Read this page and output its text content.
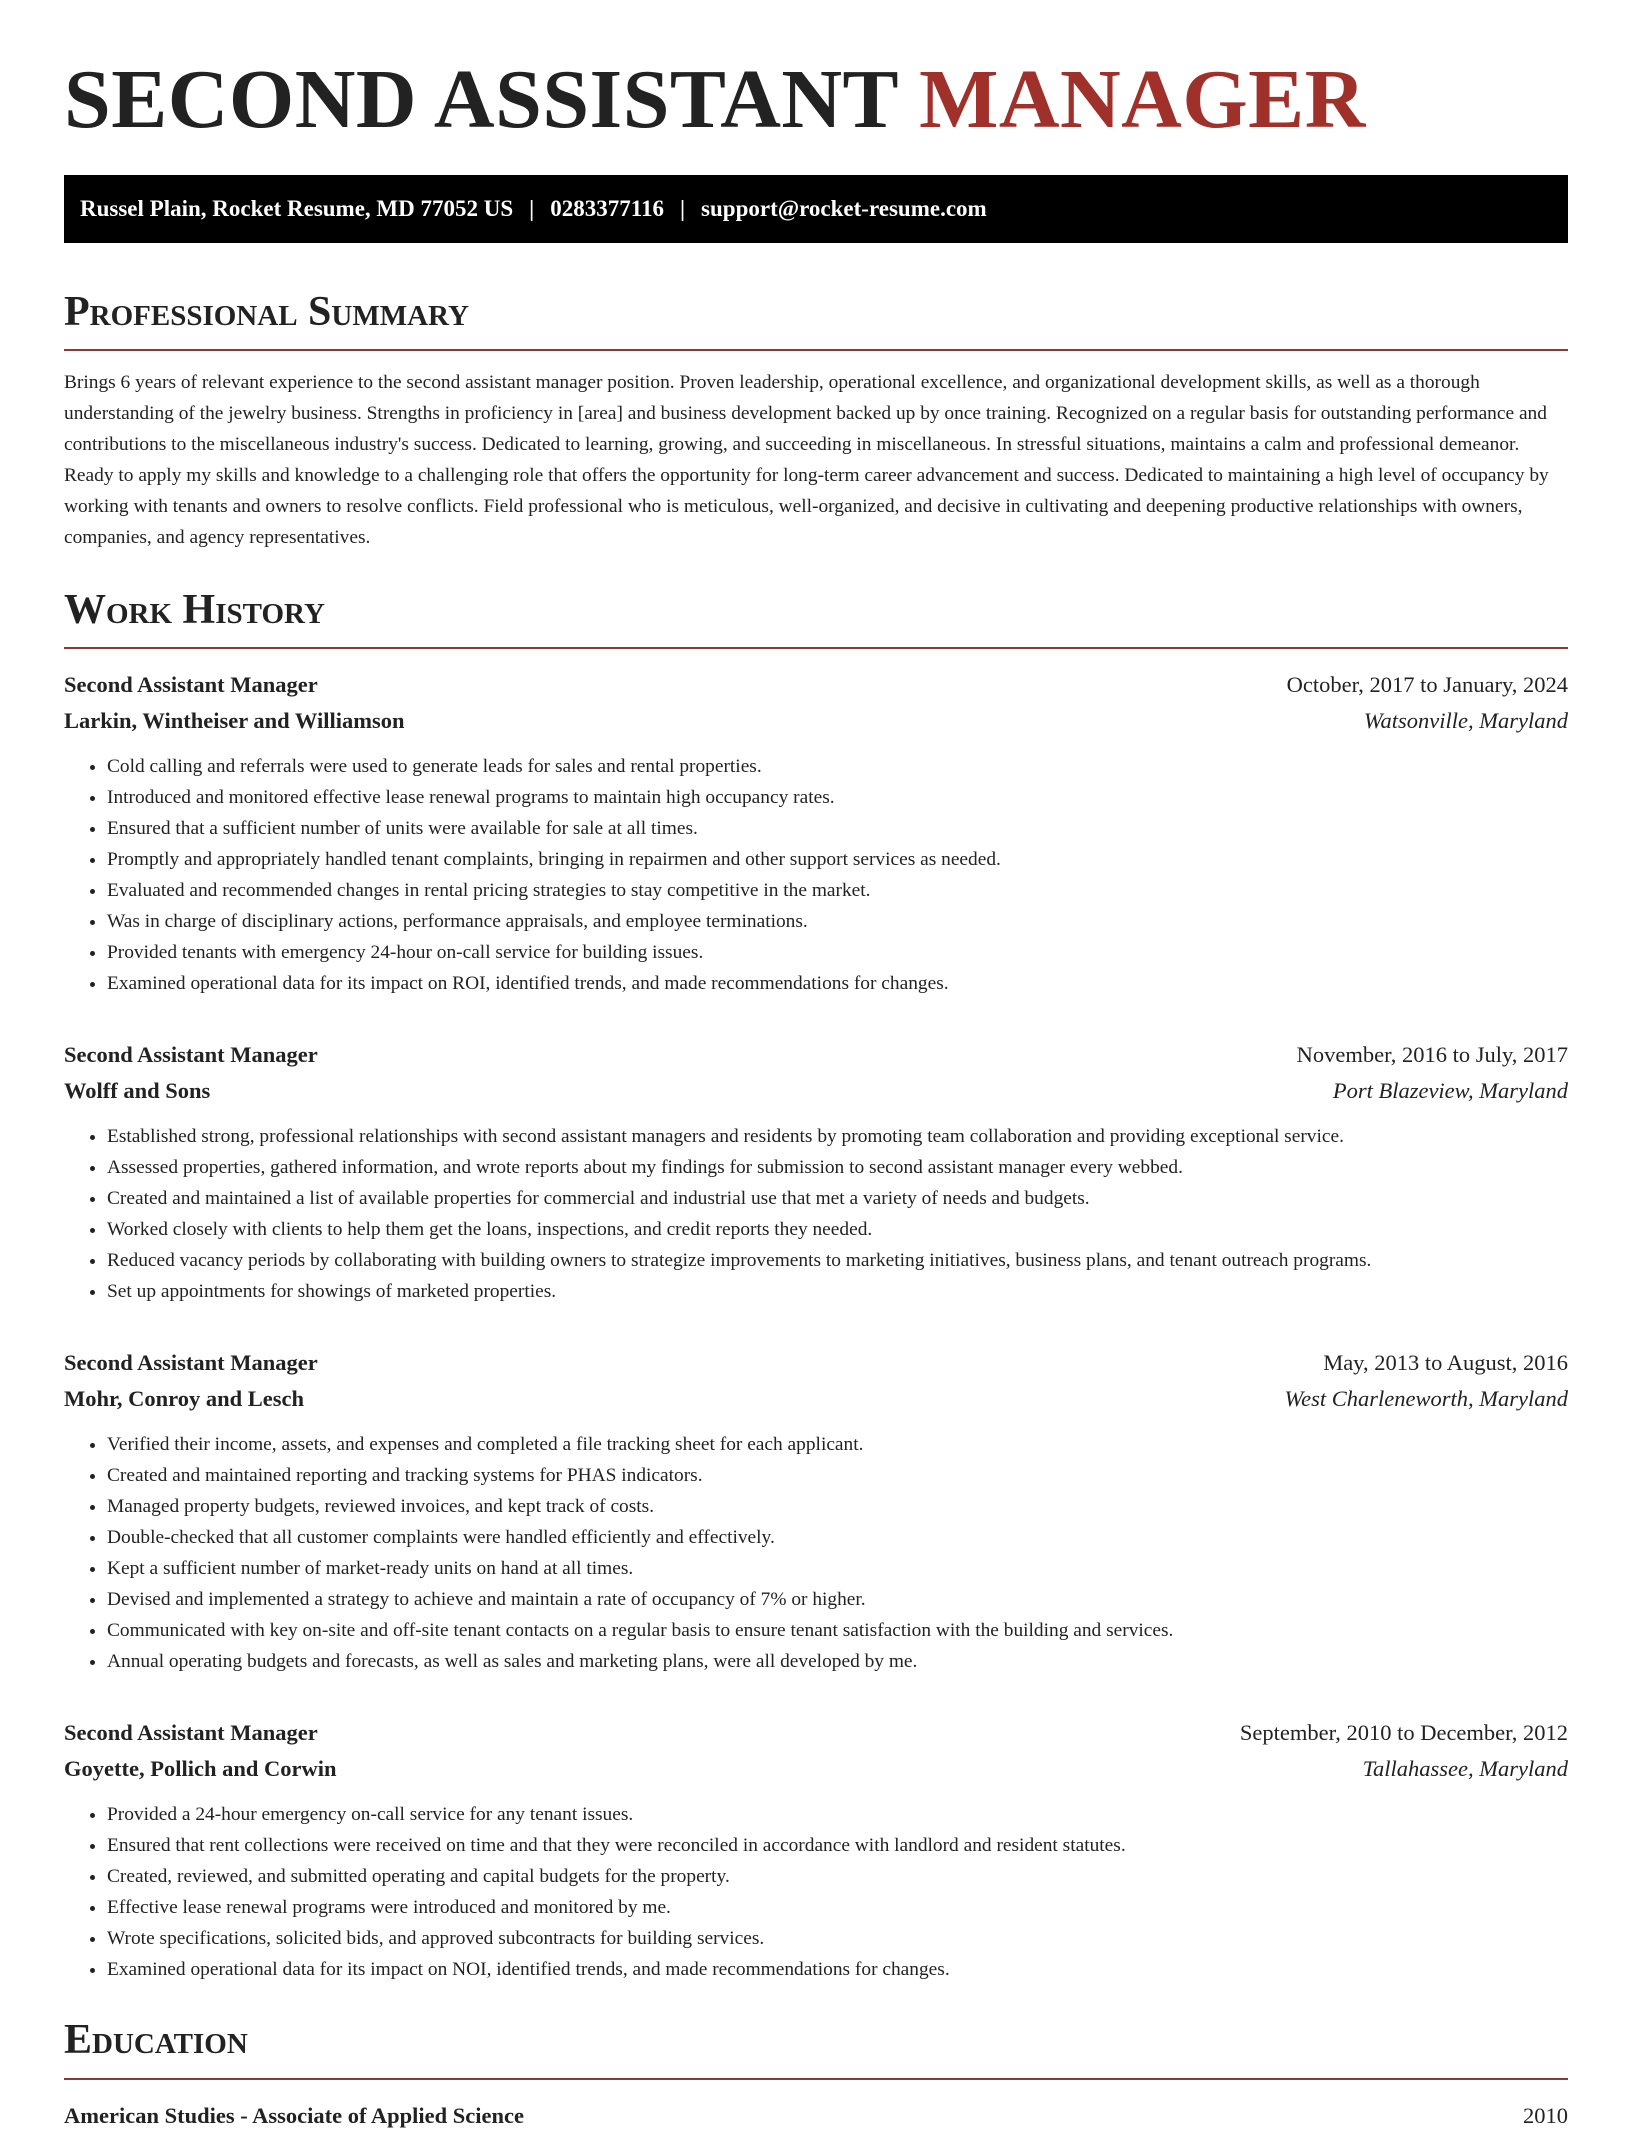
SECOND ASSISTANT MANAGER
Russel Plain, Rocket Resume, MD 77052 US | 0283377116 | support@rocket-resume.com
Professional Summary

Brings 6 years of relevant experience to the second assistant manager position. Proven leadership, operational excellence, and organizational development skills, as well as a thorough understanding of the jewelry business. Strengths in proficiency in [area] and business development backed up by once training. Recognized on a regular basis for outstanding performance and contributions to the miscellaneous industry's success. Dedicated to learning, growing, and succeeding in miscellaneous. In stressful situations, maintains a calm and professional demeanor. Ready to apply my skills and knowledge to a challenging role that offers the opportunity for long-term career advancement and success. Dedicated to maintaining a high level of occupancy by working with tenants and owners to resolve conflicts. Field professional who is meticulous, well-organized, and decisive in cultivating and deepening productive relationships with owners, companies, and agency representatives.

Work History
Second Assistant Manager	October, 2017 to January, 2024
Larkin, Wintheiser and Williamson	Watsonville, Maryland
• Cold calling and referrals were used to generate leads for sales and rental properties.
• Introduced and monitored effective lease renewal programs to maintain high occupancy rates.
• Ensured that a sufficient number of units were available for sale at all times.
• Promptly and appropriately handled tenant complaints, bringing in repairmen and other support services as needed.
• Evaluated and recommended changes in rental pricing strategies to stay competitive in the market.
• Was in charge of disciplinary actions, performance appraisals, and employee terminations.
• Provided tenants with emergency 24-hour on-call service for building issues.
• Examined operational data for its impact on ROI, identified trends, and made recommendations for changes.
Second Assistant Manager	November, 2016 to July, 2017
Wolff and Sons	Port Blazeview, Maryland
• Established strong, professional relationships with second assistant managers and residents by promoting team collaboration and providing exceptional service.
• Assessed properties, gathered information, and wrote reports about my findings for submission to second assistant manager every webbed.
• Created and maintained a list of available properties for commercial and industrial use that met a variety of needs and budgets.
• Worked closely with clients to help them get the loans, inspections, and credit reports they needed.
• Reduced vacancy periods by collaborating with building owners to strategize improvements to marketing initiatives, business plans, and tenant outreach programs.
• Set up appointments for showings of marketed properties.
Second Assistant Manager	May, 2013 to August, 2016
Mohr, Conroy and Lesch	West Charleneworth, Maryland
• Verified their income, assets, and expenses and completed a file tracking sheet for each applicant.
• Created and maintained reporting and tracking systems for PHAS indicators.
• Managed property budgets, reviewed invoices, and kept track of costs.
• Double-checked that all customer complaints were handled efficiently and effectively.
• Kept a sufficient number of market-ready units on hand at all times.
• Devised and implemented a strategy to achieve and maintain a rate of occupancy of 7% or higher.
• Communicated with key on-site and off-site tenant contacts on a regular basis to ensure tenant satisfaction with the building and services.
• Annual operating budgets and forecasts, as well as sales and marketing plans, were all developed by me.
Second Assistant Manager	September, 2010 to December, 2012
Goyette, Pollich and Corwin	Tallahassee, Maryland
• Provided a 24-hour emergency on-call service for any tenant issues.
• Ensured that rent collections were received on time and that they were reconciled in accordance with landlord and resident statutes.
• Created, reviewed, and submitted operating and capital budgets for the property.
• Effective lease renewal programs were introduced and monitored by me.
• Wrote specifications, solicited bids, and approved subcontracts for building services.
• Examined operational data for its impact on NOI, identified trends, and made recommendations for changes.
Education
American Studies - Associate of Applied Science	2010
